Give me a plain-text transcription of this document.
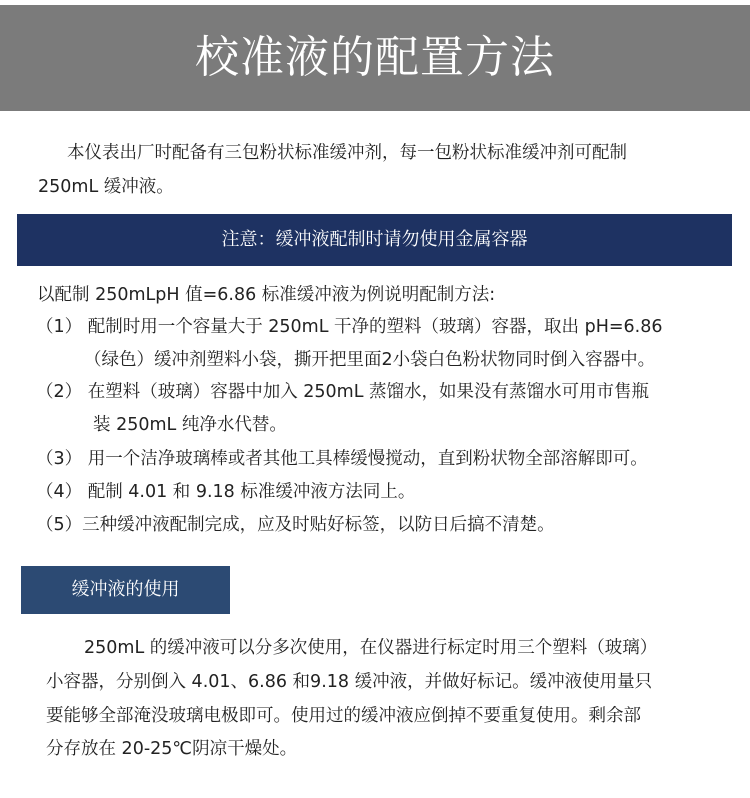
校准液的配置方法
本仪表出厂时配备有三包粉状标准缓冲剂，每一包粉状标准缓冲剂可配制
250mL 缓冲液。
注意：缓冲液配制时请勿使用金属容器
以配制 250mLpH 值=6.86 标准缓冲液为例说明配制方法:
（1） 配制时用一个容量大于 250mL 干净的塑料（玻璃）容器，取出 pH=6.86
（绿色）缓冲剂塑料小袋，撕开把里面2小袋白色粉状物同时倒入容器中。
（2） 在塑料（玻璃）容器中加入 250mL 蒸馏水，如果没有蒸馏水可用市售瓶
装 250mL 纯净水代替。
（3） 用一个洁净玻璃棒或者其他工具棒缓慢搅动，直到粉状物全部溶解即可。
（4） 配制 4.01 和 9.18 标准缓冲液方法同上。
（5）三种缓冲液配制完成，应及时贴好标签，以防日后搞不清楚。
缓冲液的使用
250mL 的缓冲液可以分多次使用，在仪器进行标定时用三个塑料（玻璃）
小容器，分别倒入 4.01、6.86 和9.18 缓冲液，并做好标记。缓冲液使用量只
要能够全部淹没玻璃电极即可。使用过的缓冲液应倒掉不要重复使用。剩余部
分存放在 20-25℃阴凉干燥处。
